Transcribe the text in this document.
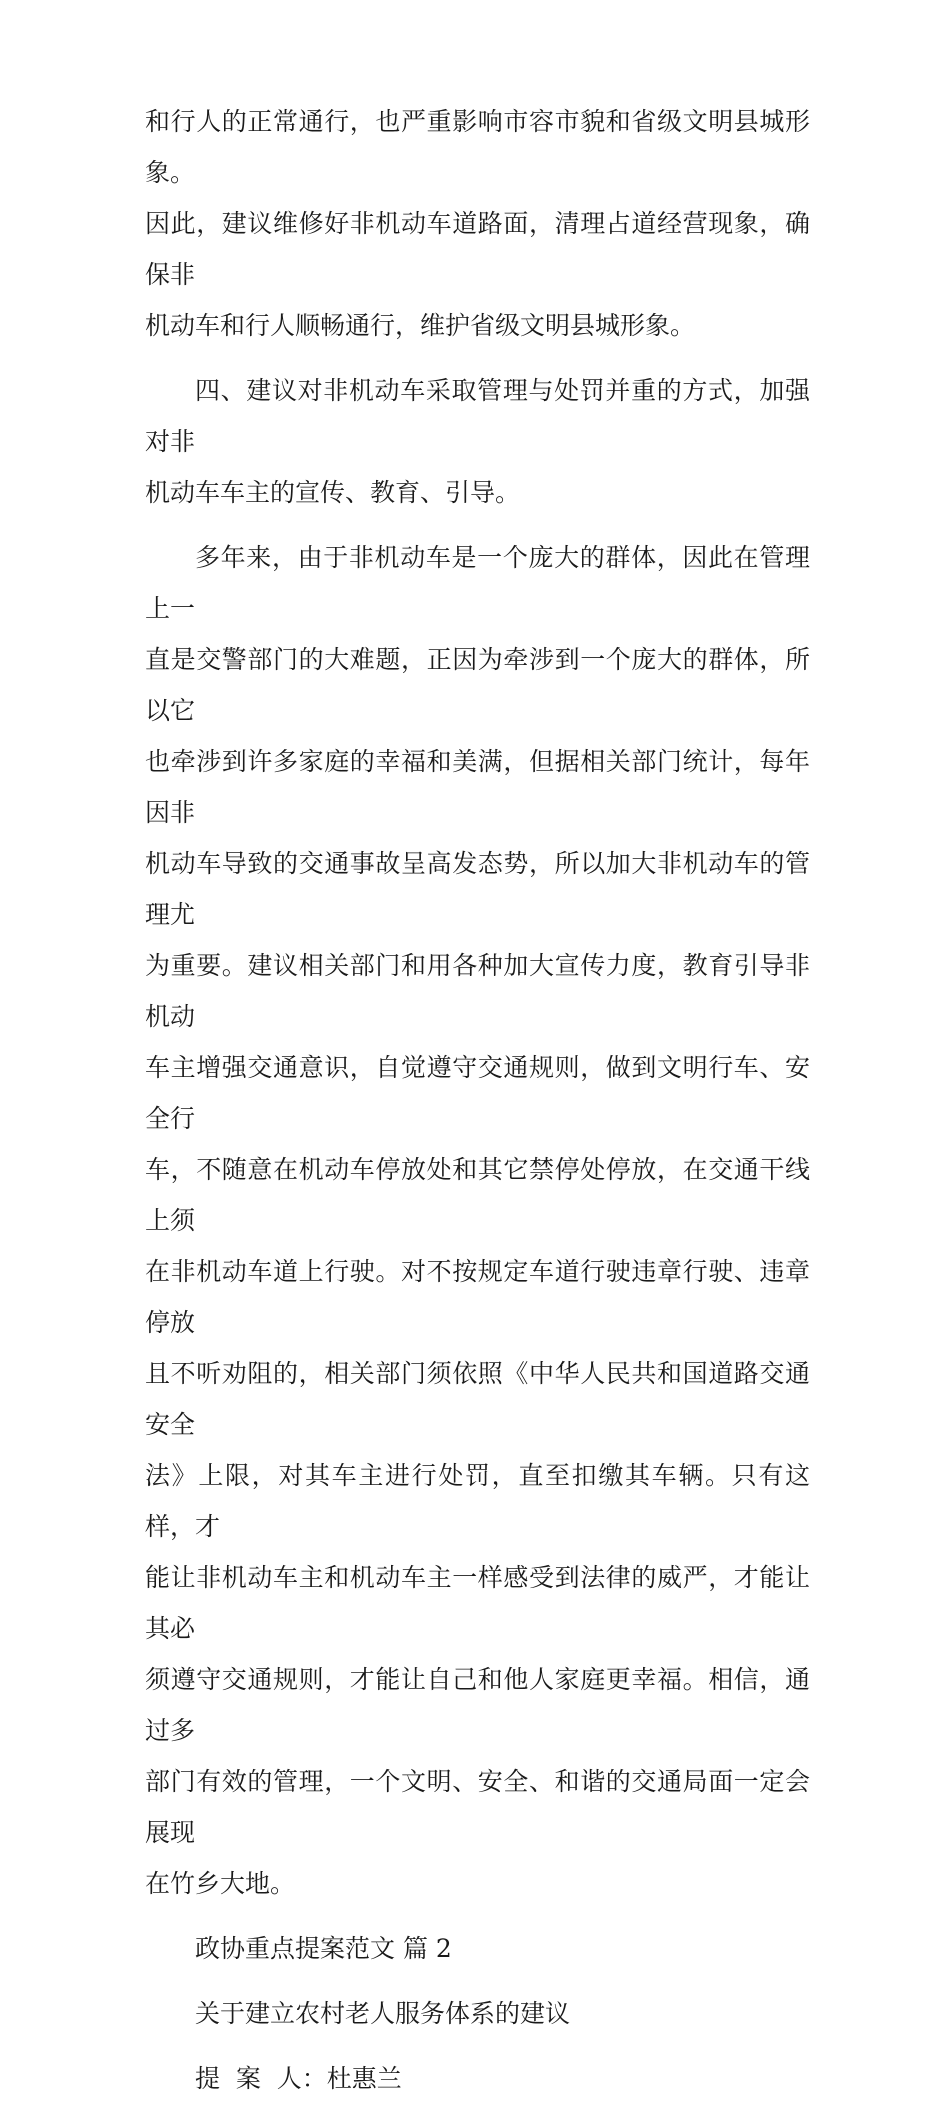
和行人的正常通行，也严重影响市容市貌和省级文明县城形象。

因此，建议维修好非机动车道路面，清理占道经营现象，确保非

机动车和行人顺畅通行，维护省级文明县城形象。

四、建议对非机动车采取管理与处罚并重的方式，加强对非

机动车车主的宣传、教育、引导。

多年来，由于非机动车是一个庞大的群体，因此在管理上一

直是交警部门的大难题，正因为牵涉到一个庞大的群体，所以它

也牵涉到许多家庭的幸福和美满，但据相关部门统计，每年因非

机动车导致的交通事故呈高发态势，所以加大非机动车的管理尤

为重要。建议相关部门和用各种加大宣传力度，教育引导非机动

车主增强交通意识，自觉遵守交通规则，做到文明行车、安全行

车，不随意在机动车停放处和其它禁停处停放，在交通干线上须

在非机动车道上行驶。对不按规定车道行驶违章行驶、违章停放

且不听劝阻的，相关部门须依照《中华人民共和国道路交通安全

法》上限，对其车主进行处罚，直至扣缴其车辆。只有这样，才

能让非机动车主和机动车主一样感受到法律的威严，才能让其必

须遵守交通规则，才能让自己和他人家庭更幸福。相信，通过多

部门有效的管理，一个文明、安全、和谐的交通局面一定会展现

在竹乡大地。

政协重点提案范文 篇 2

关于建立农村老人服务体系的建议

提  案  人：杜惠兰
